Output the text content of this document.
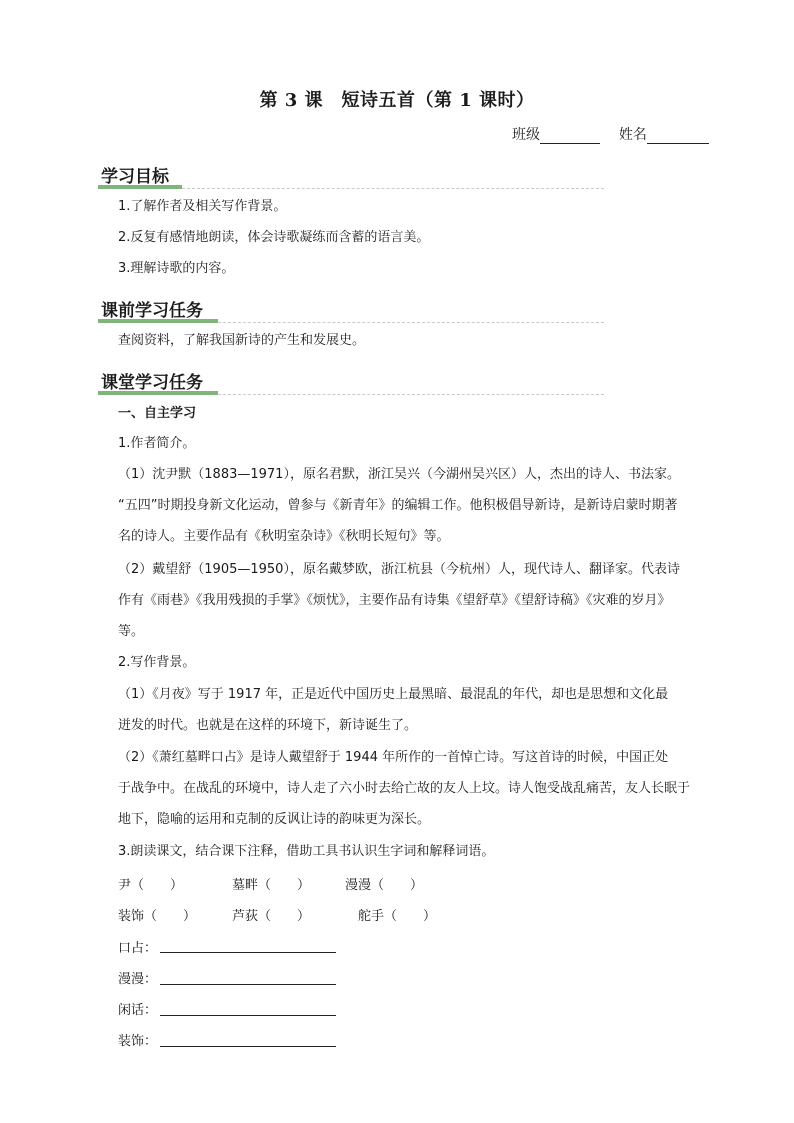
第 3 课　短诗五首（第 1 课时）
班级	姓名
学习目标
1.了解作者及相关写作背景。
2.反复有感情地朗读，体会诗歌凝练而含蓄的语言美。
3.理解诗歌的内容。
课前学习任务
查阅资料，了解我国新诗的产生和发展史。
课堂学习任务
一、自主学习
1.作者简介。
（1）沈尹默（1883—1971），原名君默，浙江吴兴（今湖州吴兴区）人，杰出的诗人、书法家。
“五四”时期投身新文化运动，曾参与《新青年》的编辑工作。他积极倡导新诗，是新诗启蒙时期著
名的诗人。主要作品有《秋明室杂诗》《秋明长短句》等。
（2）戴望舒（1905—1950），原名戴梦欧，浙江杭县（今杭州）人，现代诗人、翻译家。代表诗
作有《雨巷》《我用残损的手掌》《烦忧》，主要作品有诗集《望舒草》《望舒诗稿》《灾难的岁月》
等。
2.写作背景。
（1）《月夜》写于 1917 年，正是近代中国历史上最黑暗、最混乱的年代，却也是思想和文化最
迸发的时代。也就是在这样的环境下，新诗诞生了。
（2）《萧红墓畔口占》是诗人戴望舒于 1944 年所作的一首悼亡诗。写这首诗的时候，中国正处
于战争中。在战乱的环境中，诗人走了六小时去给亡故的友人上坟。诗人饱受战乱痛苦，友人长眠于
地下，隐喻的运用和克制的反讽让诗的韵味更为深长。
3.朗读课文，结合课下注释，借助工具书认识生字词和解释词语。
尹（　　）	墓畔（　　）	漫漫（　　）
装饰（　　）	芦荻（　　）	舵手（　　）
口占：
漫漫：
闲话：
装饰：
